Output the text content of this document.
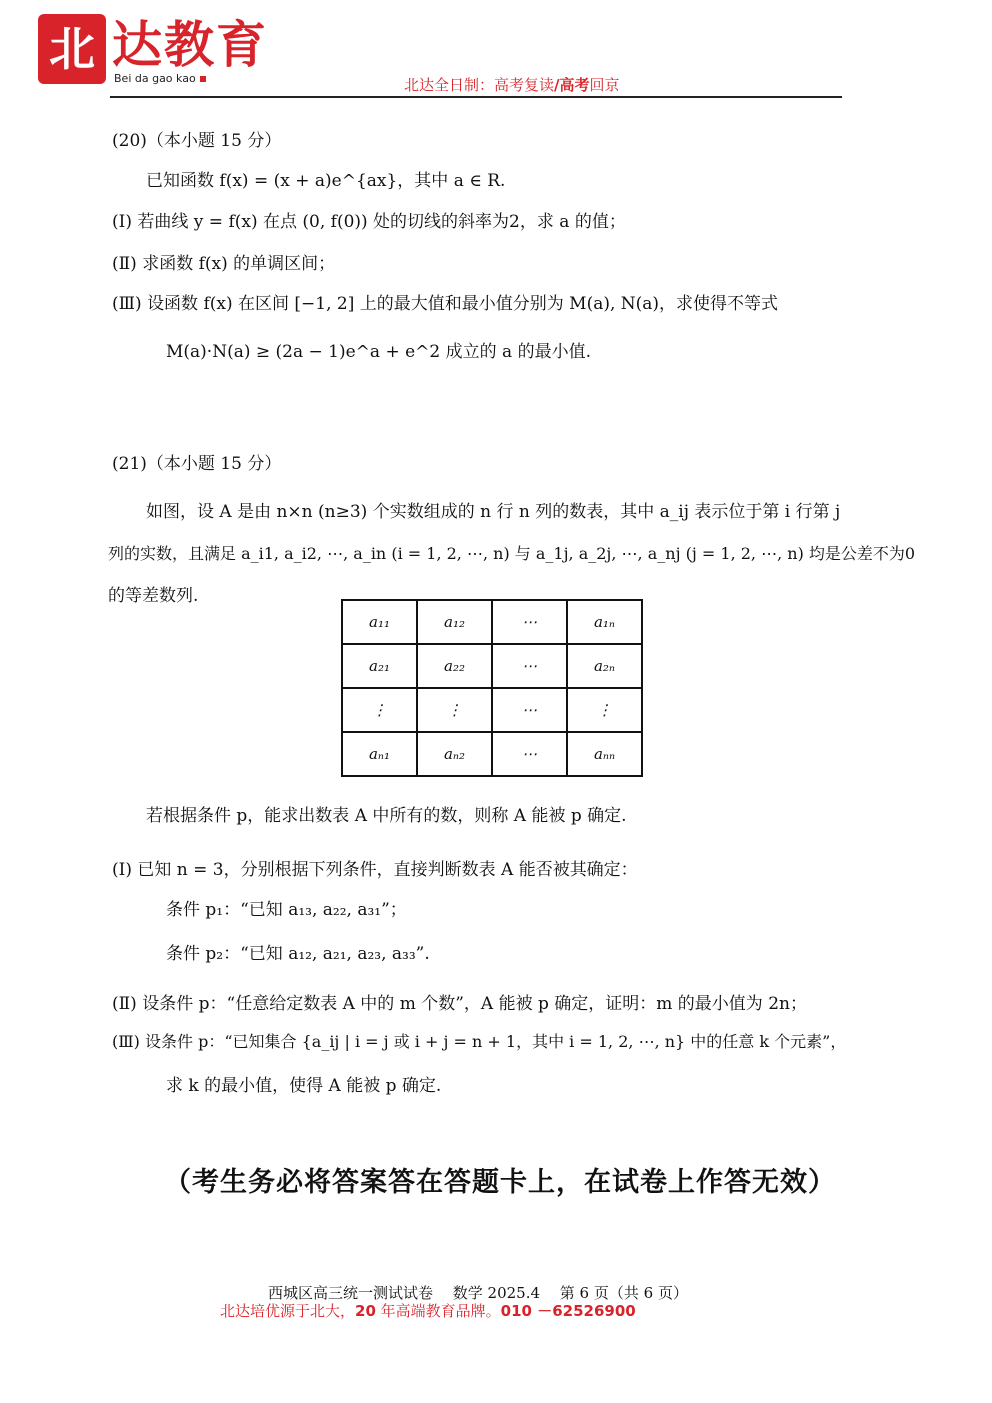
北 达教育
Bei da gao kao	北达全日制：高考复读/高考回京
(20)（本小题 15 分）
已知函数 f(x) = (x + a)e^{ax}，其中 a ∈ R.
(Ⅰ) 若曲线 y = f(x) 在点 (0, f(0)) 处的切线的斜率为2，求 a 的值；
(Ⅱ) 求函数 f(x) 的单调区间；
(Ⅲ) 设函数 f(x) 在区间 [−1, 2] 上的最大值和最小值分别为 M(a), N(a)，求使得不等式
M(a)·N(a) ≥ (2a − 1)e^a + e^2 成立的 a 的最小值.
(21)（本小题 15 分）
如图，设 A 是由 n×n (n≥3) 个实数组成的 n 行 n 列的数表，其中 a_ij 表示位于第 i 行第 j
列的实数，且满足 a_i1, a_i2, ⋯, a_in (i = 1, 2, ⋯, n) 与 a_1j, a_2j, ⋯, a_nj (j = 1, 2, ⋯, n) 均是公差不为0
的等差数列.
a₁₁	a₁₂	⋯	a₁ₙ
a₂₁	a₂₂	⋯	a₂ₙ
⋮	⋮	⋯	⋮
aₙ₁	aₙ₂	⋯	aₙₙ
若根据条件 p，能求出数表 A 中所有的数，则称 A 能被 p 确定.
(Ⅰ) 已知 n = 3，分别根据下列条件，直接判断数表 A 能否被其确定：
条件 p₁：“已知 a₁₃, a₂₂, a₃₁”；
条件 p₂：“已知 a₁₂, a₂₁, a₂₃, a₃₃”.
(Ⅱ) 设条件 p：“任意给定数表 A 中的 m 个数”，A 能被 p 确定，证明：m 的最小值为 2n；
(Ⅲ) 设条件 p：“已知集合 {a_ij | i = j 或 i + j = n + 1，其中 i = 1, 2, ⋯, n} 中的任意 k 个元素”，
求 k 的最小值，使得 A 能被 p 确定.
（考生务必将答案答在答题卡上，在试卷上作答无效）
西城区高三统一测试试卷　 数学 2025.4　 第 6 页（共 6 页）
北达培优源于北大，20 年高端教育品牌。010 －62526900
